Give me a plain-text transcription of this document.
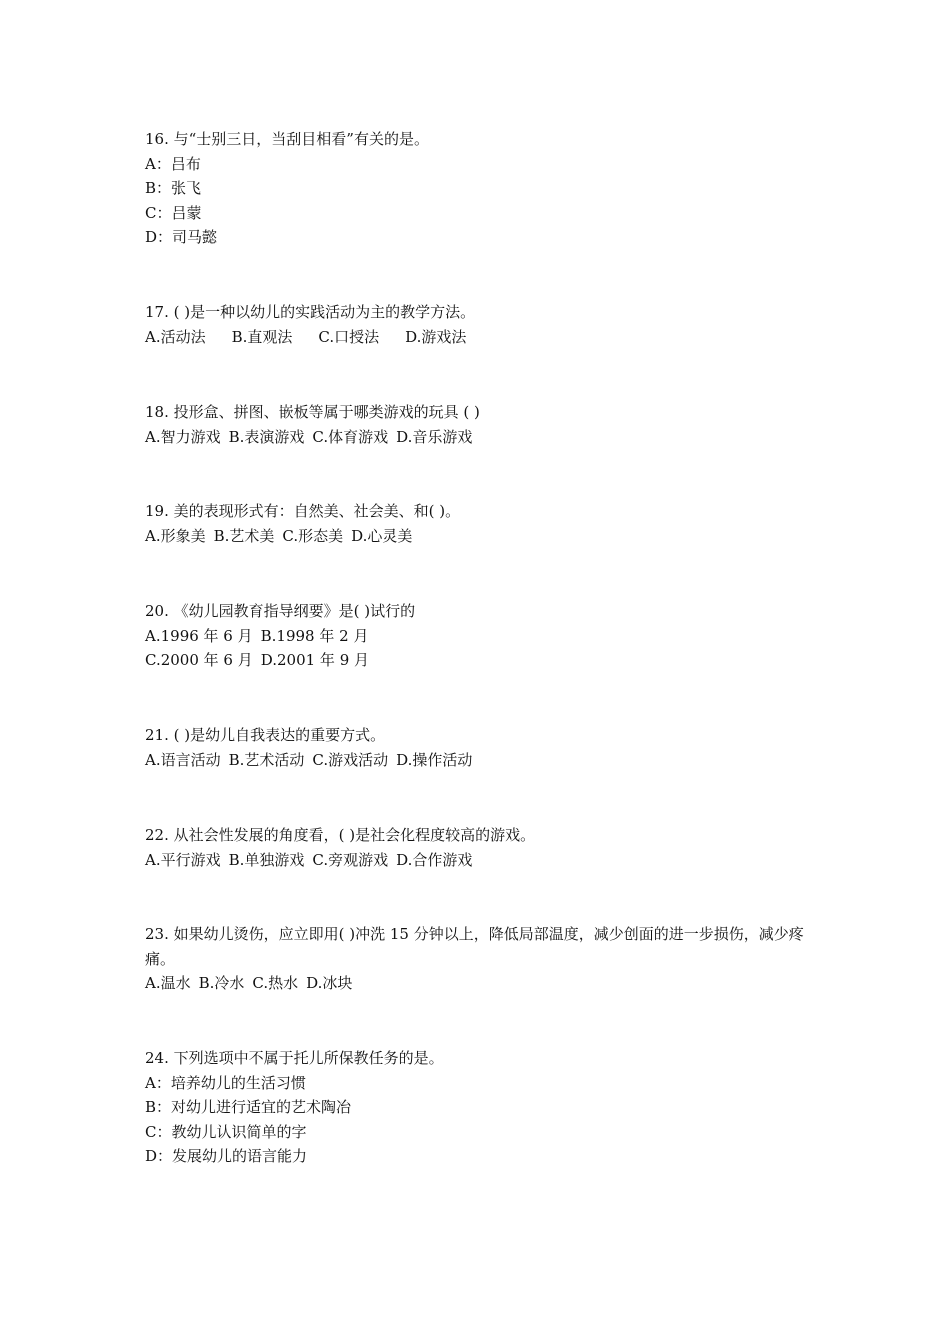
16. 与“士别三日，当刮目相看”有关的是。
A：吕布
B：张飞
C：吕蒙
D：司马懿
17. ( )是一种以幼儿的实践活动为主的教学方法。
A.活动法 B.直观法 C.口授法 D.游戏法
18. 投形盒、拼图、嵌板等属于哪类游戏的玩具 ( )
A.智力游戏 B.表演游戏 C.体育游戏 D.音乐游戏
19. 美的表现形式有：自然美、社会美、和( )。
A.形象美 B.艺术美 C.形态美 D.心灵美
20. 《幼儿园教育指导纲要》是( )试行的
A.1996 年 6 月 B.1998 年 2 月
C.2000 年 6 月 D.2001 年 9 月
21. ( )是幼儿自我表达的重要方式。
A.语言活动 B.艺术活动 C.游戏活动 D.操作活动
22. 从社会性发展的角度看，( )是社会化程度较高的游戏。
A.平行游戏 B.单独游戏 C.旁观游戏 D.合作游戏
23. 如果幼儿烫伤，应立即用( )冲洗 15 分钟以上，降低局部温度，减少创面的进一步损伤，减少疼痛。
A.温水 B.冷水 C.热水 D.冰块
24. 下列选项中不属于托儿所保教任务的是。
A：培养幼儿的生活习惯
B：对幼儿进行适宜的艺术陶冶
C：教幼儿认识简单的字
D：发展幼儿的语言能力
